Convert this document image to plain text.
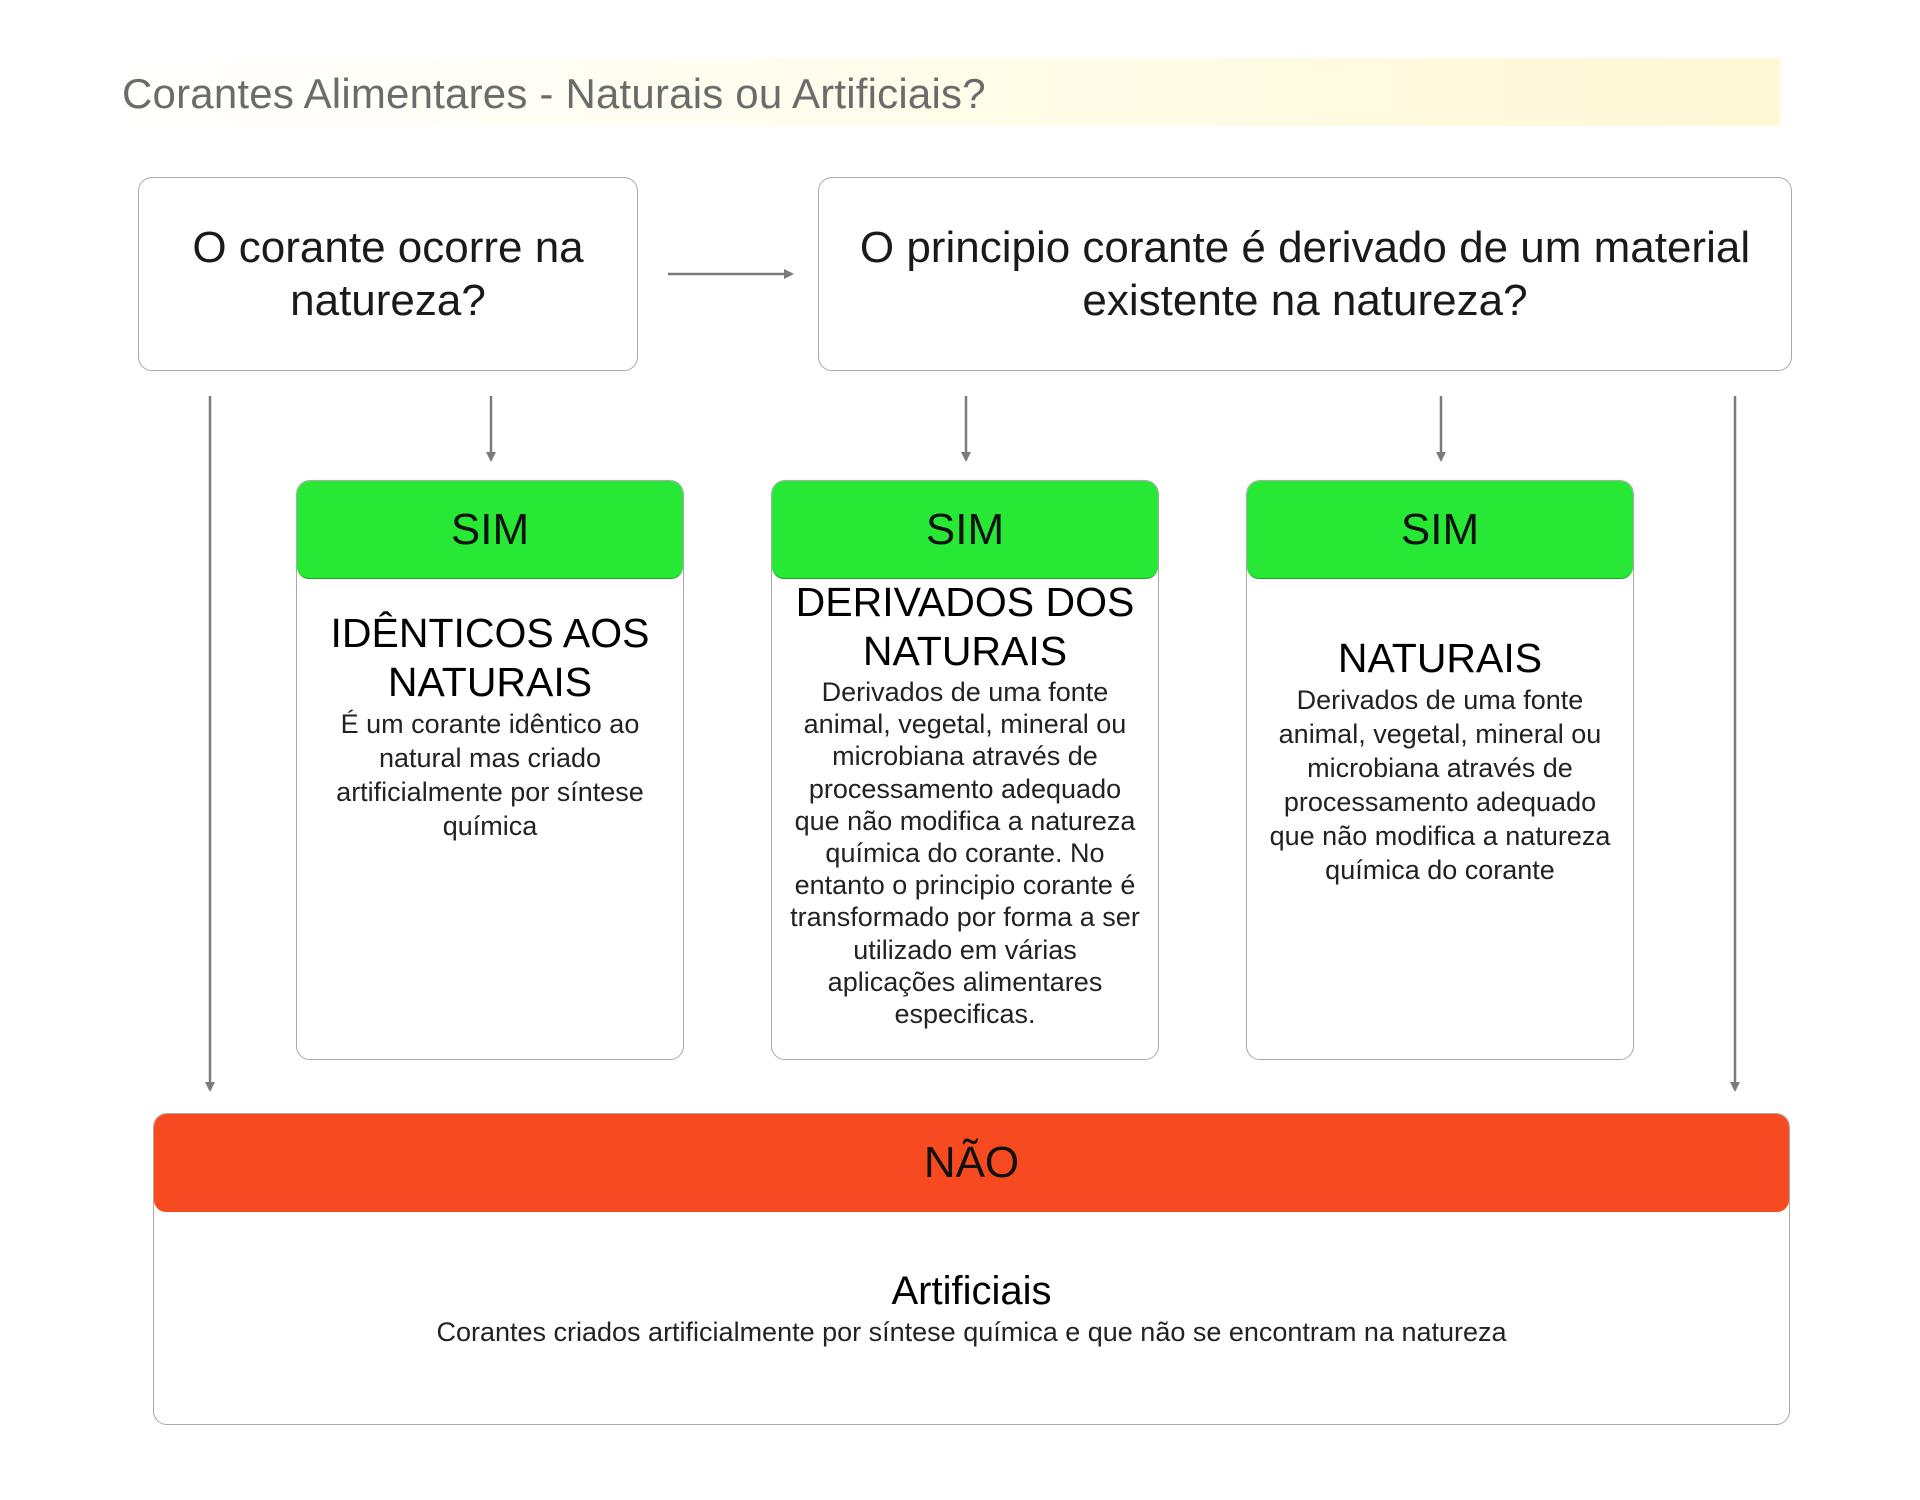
Corantes Alimentares - Naturais ou Artificiais?
O corante ocorre na natureza?
O principio corante é derivado de um material existente na natureza?
SIM
IDÊNTICOS AOS NATURAIS
É um corante idêntico ao natural mas criado artificialmente por síntese química
SIM
DERIVADOS DOS NATURAIS
Derivados de uma fonte animal, vegetal, mineral ou microbiana através de processamento adequado que não modifica a natureza química do corante. No entanto o principio corante é transformado por forma a ser utilizado em várias aplicações alimentares especificas.
SIM
NATURAIS
Derivados de uma fonte animal, vegetal, mineral ou microbiana através de processamento adequado que não modifica a natureza química do corante
NÃO
Artificiais
Corantes criados artificialmente por síntese química e que não se encontram na natureza
